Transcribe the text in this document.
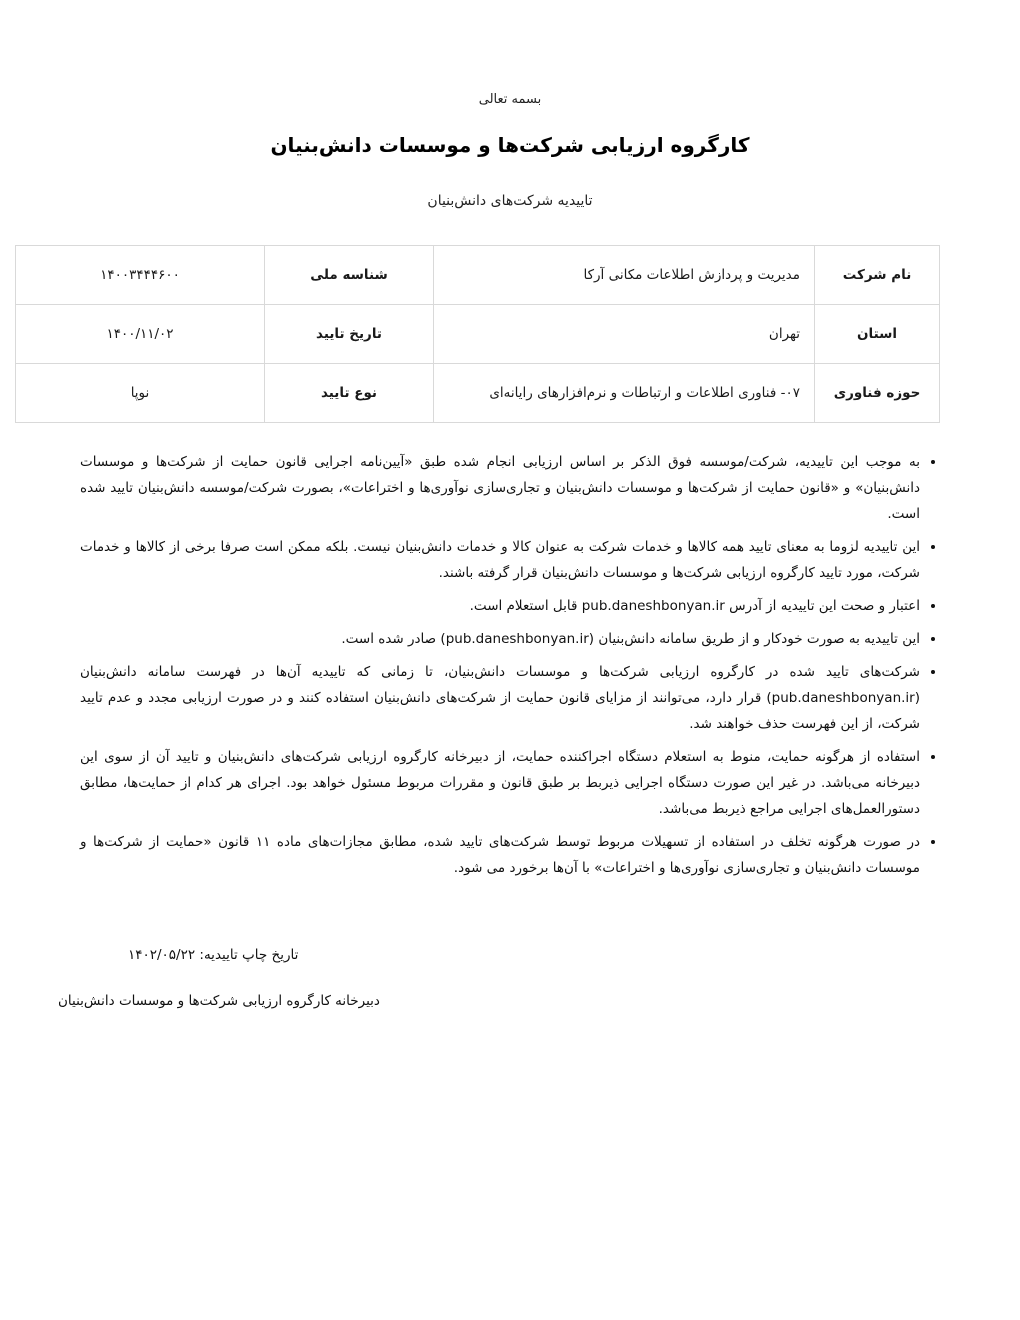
بسمه تعالی
کارگروه ارزیابی شرکت‌ها و موسسات دانش‌بنیان
تاییدیه شرکت‌های دانش‌بنیان
نام شرکت	مدیریت و پردازش اطلاعات مکانی آرکا	شناسه ملی	۱۴۰۰۳۴۴۴۶۰۰
استان	تهران	تاریخ تایید	۱۴۰۰/۱۱/۰۲
حوزه فناوری	۰۷- فناوری اطلاعات و ارتباطات و نرم‌افزارهای رایانه‌ای	نوع تایید	نوپا
• به موجب این تاییدیه، شرکت/موسسه فوق الذکر بر اساس ارزیابی انجام شده طبق «آیین‌نامه اجرایی قانون حمایت از شرکت‌ها و موسسات دانش‌بنیان» و «قانون حمایت از شرکت‌ها و موسسات دانش‌بنیان و تجاری‌سازی نوآوری‌ها و اختراعات»، بصورت شرکت/موسسه دانش‌بنیان تایید شده است.
• این تاییدیه لزوما به معنای تایید همه کالاها و خدمات شرکت به عنوان کالا و خدمات دانش‌بنیان نیست. بلکه ممکن است صرفا برخی از کالاها و خدمات شرکت، مورد تایید کارگروه ارزیابی شرکت‌ها و موسسات دانش‌بنیان قرار گرفته باشند.
• اعتبار و صحت این تاییدیه از آدرس pub.daneshbonyan.ir قابل استعلام است.
• این تاییدیه به صورت خودکار و از طریق سامانه دانش‌بنیان (pub.daneshbonyan.ir) صادر شده است.
• شرکت‌های تایید شده در کارگروه ارزیابی شرکت‌ها و موسسات دانش‌بنیان، تا زمانی که تاییدیه آن‌ها در فهرست سامانه دانش‌بنیان (pub.daneshbonyan.ir) قرار دارد، می‌توانند از مزایای قانون حمایت از شرکت‌های دانش‌بنیان استفاده کنند و در صورت ارزیابی مجدد و عدم تایید شرکت، از این فهرست حذف خواهند شد.
• استفاده از هرگونه حمایت، منوط به استعلام دستگاه اجراکننده حمایت، از دبیرخانه کارگروه ارزیابی شرکت‌های دانش‌بنیان و تایید آن از سوی این دبیرخانه می‌باشد. در غیر این صورت دستگاه اجرایی ذیربط بر طبق قانون و مقررات مربوط مسئول خواهد بود. اجرای هر کدام از حمایت‌ها، مطابق دستورالعمل‌های اجرایی مراجع ذیربط می‌باشد.
• در صورت هرگونه تخلف در استفاده از تسهیلات مربوط توسط شرکت‌های تایید شده، مطابق مجازات‌های ماده ۱۱ قانون «حمایت از شرکت‌ها و موسسات دانش‌بنیان و تجاری‌سازی نوآوری‌ها و اختراعات» با آن‌ها برخورد می شود.
تاریخ چاپ تاییدیه: ۱۴۰۲/۰۵/۲۲
دبیرخانه کارگروه ارزیابی شرکت‌ها و موسسات دانش‌بنیان
